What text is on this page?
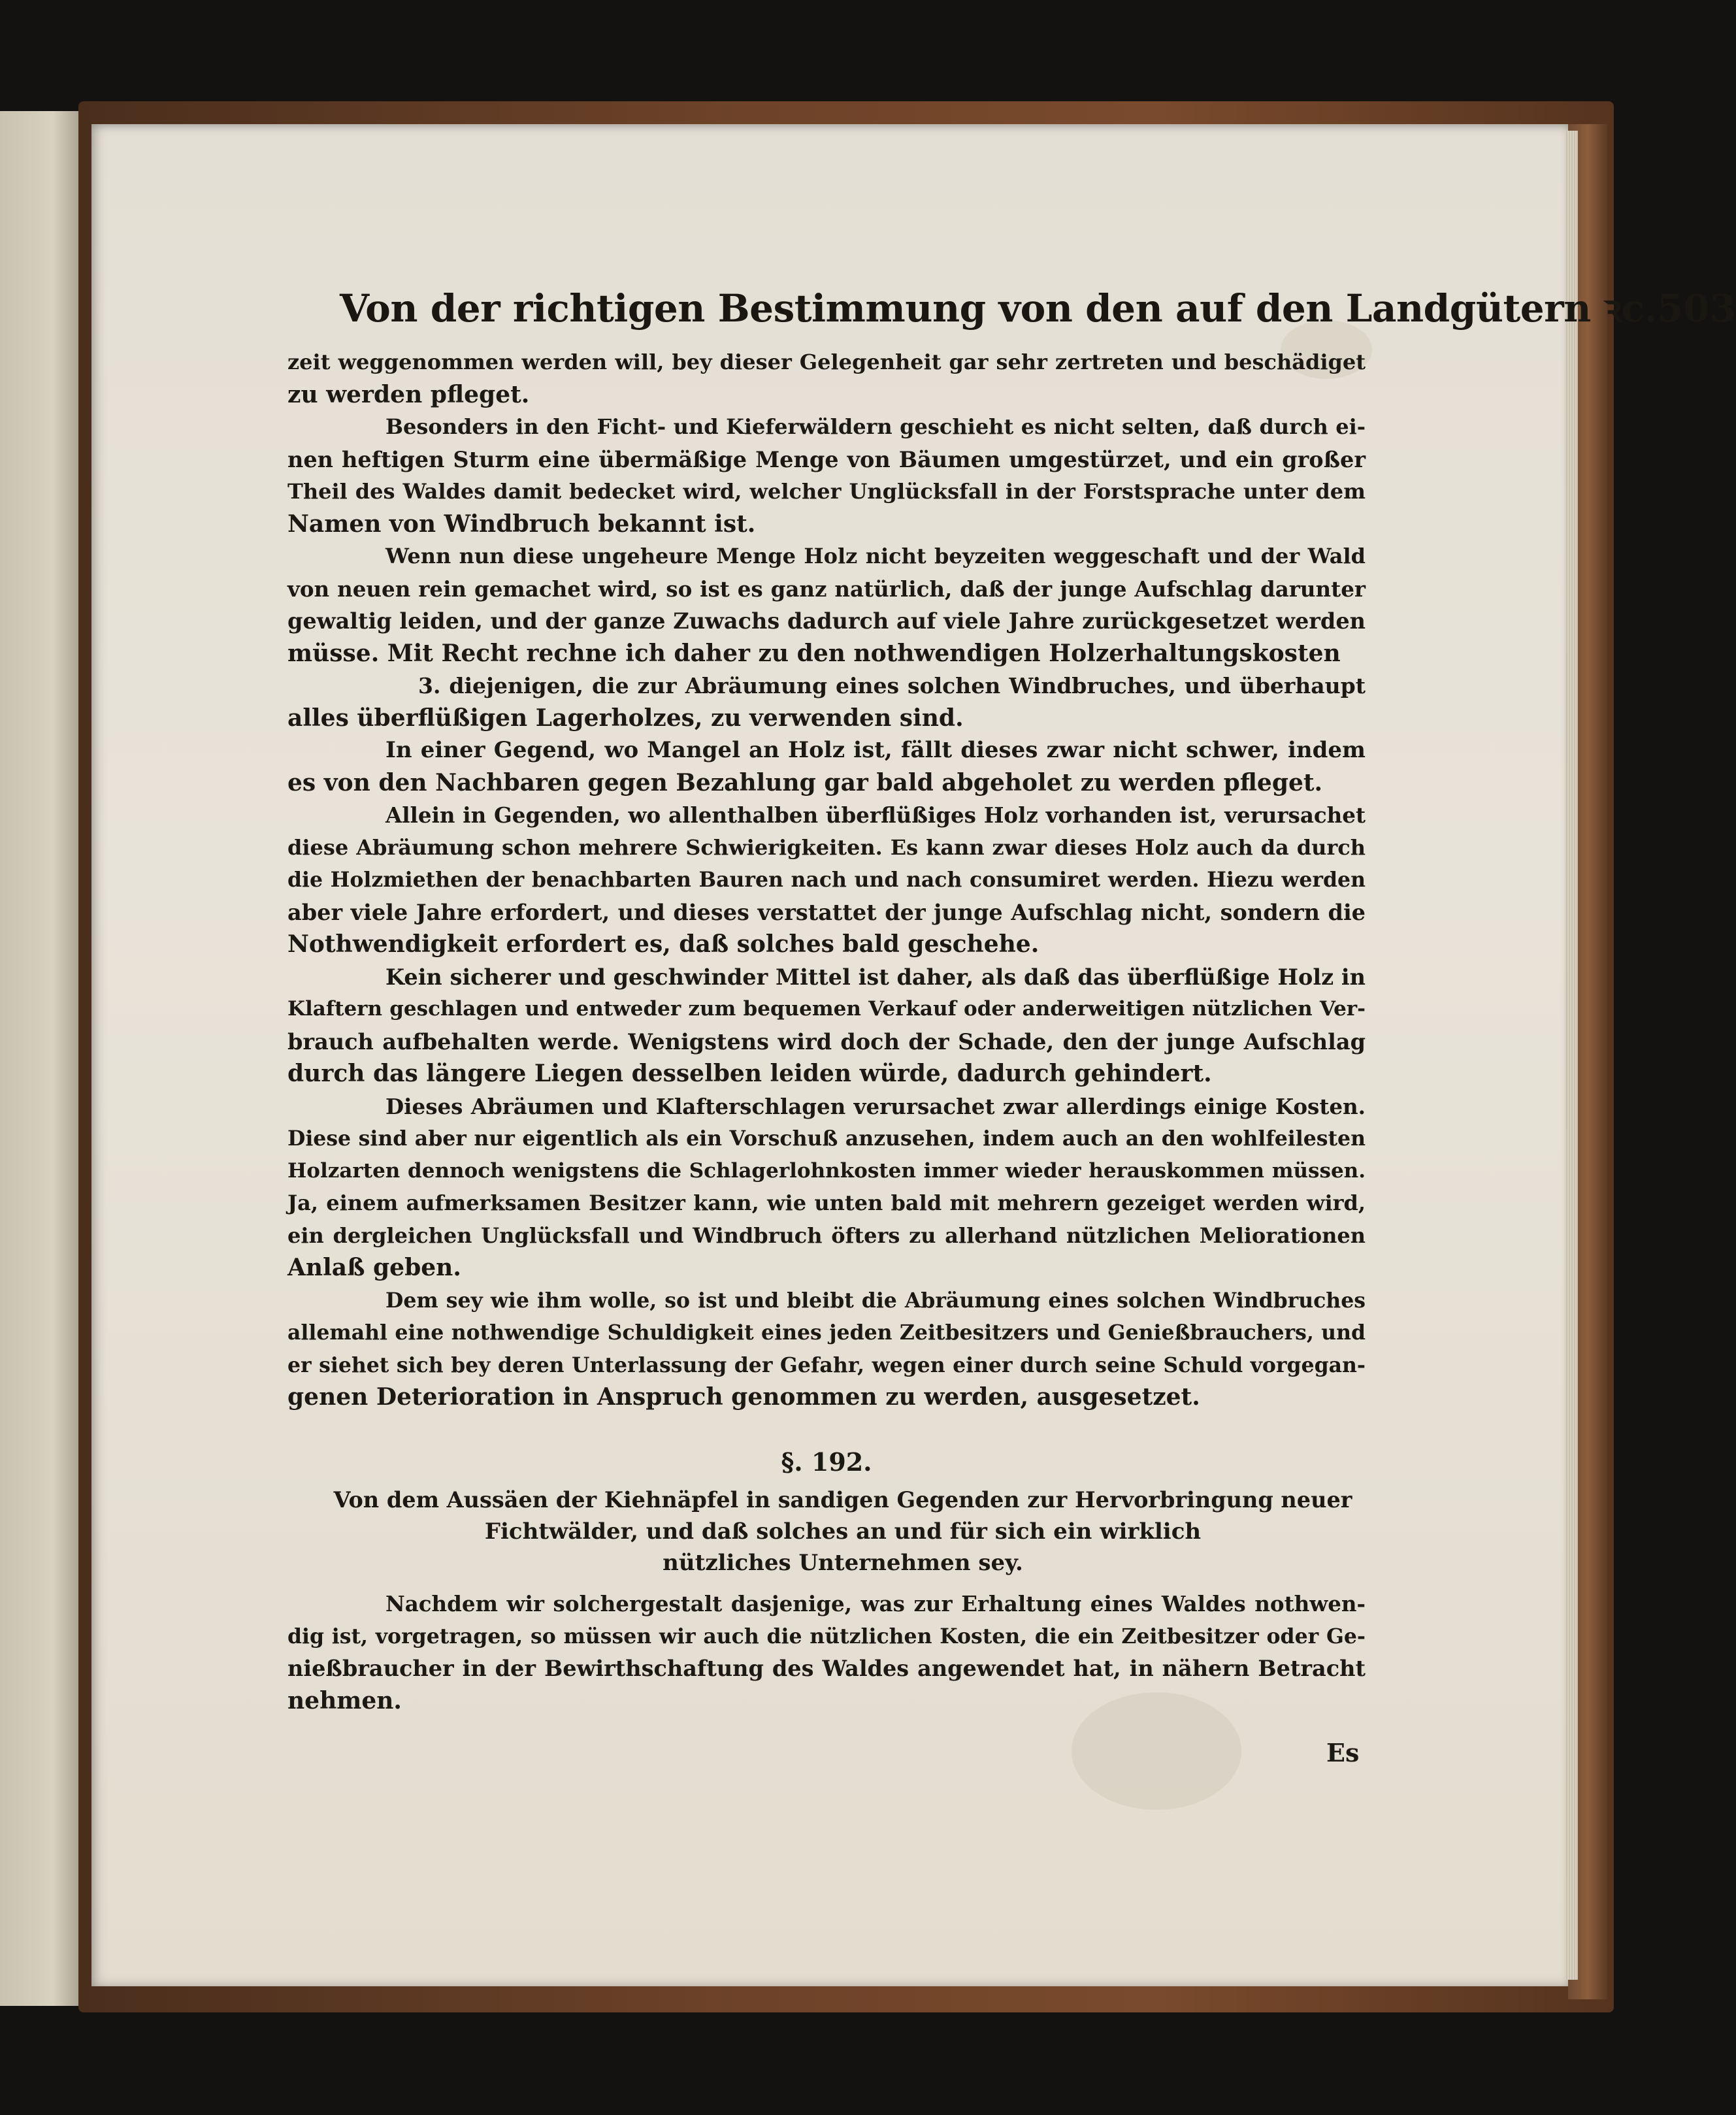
Von der richtigen Bestimmung von den auf den Landgütern ꝛc. 503
zeit weggenommen werden will, bey dieser Gelegenheit gar sehr zertreten und beschädiget
zu werden pfleget.
Besonders in den Ficht- und Kieferwäldern geschieht es nicht selten, daß durch ei-
nen heftigen Sturm eine übermäßige Menge von Bäumen umgestürzet, und ein großer
Theil des Waldes damit bedecket wird, welcher Unglücksfall in der Forstsprache unter dem
Namen von Windbruch bekannt ist.
Wenn nun diese ungeheure Menge Holz nicht beyzeiten weggeschaft und der Wald
von neuen rein gemachet wird, so ist es ganz natürlich, daß der junge Aufschlag darunter
gewaltig leiden, und der ganze Zuwachs dadurch auf viele Jahre zurückgesetzet werden
müsse. Mit Recht rechne ich daher zu den nothwendigen Holzerhaltungskosten
3. diejenigen, die zur Abräumung eines solchen Windbruches, und überhaupt
alles überflüßigen Lagerholzes, zu verwenden sind.
In einer Gegend, wo Mangel an Holz ist, fällt dieses zwar nicht schwer, indem
es von den Nachbaren gegen Bezahlung gar bald abgeholet zu werden pfleget.
Allein in Gegenden, wo allenthalben überflüßiges Holz vorhanden ist, verursachet
diese Abräumung schon mehrere Schwierigkeiten. Es kann zwar dieses Holz auch da durch
die Holzmiethen der benachbarten Bauren nach und nach consumiret werden. Hiezu werden
aber viele Jahre erfordert, und dieses verstattet der junge Aufschlag nicht, sondern die
Nothwendigkeit erfordert es, daß solches bald geschehe.
Kein sicherer und geschwinder Mittel ist daher, als daß das überflüßige Holz in
Klaftern geschlagen und entweder zum bequemen Verkauf oder anderweitigen nützlichen Ver-
brauch aufbehalten werde. Wenigstens wird doch der Schade, den der junge Aufschlag
durch das längere Liegen desselben leiden würde, dadurch gehindert.
Dieses Abräumen und Klafterschlagen verursachet zwar allerdings einige Kosten.
Diese sind aber nur eigentlich als ein Vorschuß anzusehen, indem auch an den wohlfeilesten
Holzarten dennoch wenigstens die Schlagerlohnkosten immer wieder herauskommen müssen.
Ja, einem aufmerksamen Besitzer kann, wie unten bald mit mehrern gezeiget werden wird,
ein dergleichen Unglücksfall und Windbruch öfters zu allerhand nützlichen Meliorationen
Anlaß geben.
Dem sey wie ihm wolle, so ist und bleibt die Abräumung eines solchen Windbruches
allemahl eine nothwendige Schuldigkeit eines jeden Zeitbesitzers und Genießbrauchers, und
er siehet sich bey deren Unterlassung der Gefahr, wegen einer durch seine Schuld vorgegan-
genen Deterioration in Anspruch genommen zu werden, ausgesetzet.
§. 192.
Von dem Aussäen der Kiehnäpfel in sandigen Gegenden zur Hervorbringung neuer
Fichtwälder, und daß solches an und für sich ein wirklich
nützliches Unternehmen sey.
Nachdem wir solchergestalt dasjenige, was zur Erhaltung eines Waldes nothwen-
dig ist, vorgetragen, so müssen wir auch die nützlichen Kosten, die ein Zeitbesitzer oder Ge-
nießbraucher in der Bewirthschaftung des Waldes angewendet hat, in nähern Betracht
nehmen.
Es
